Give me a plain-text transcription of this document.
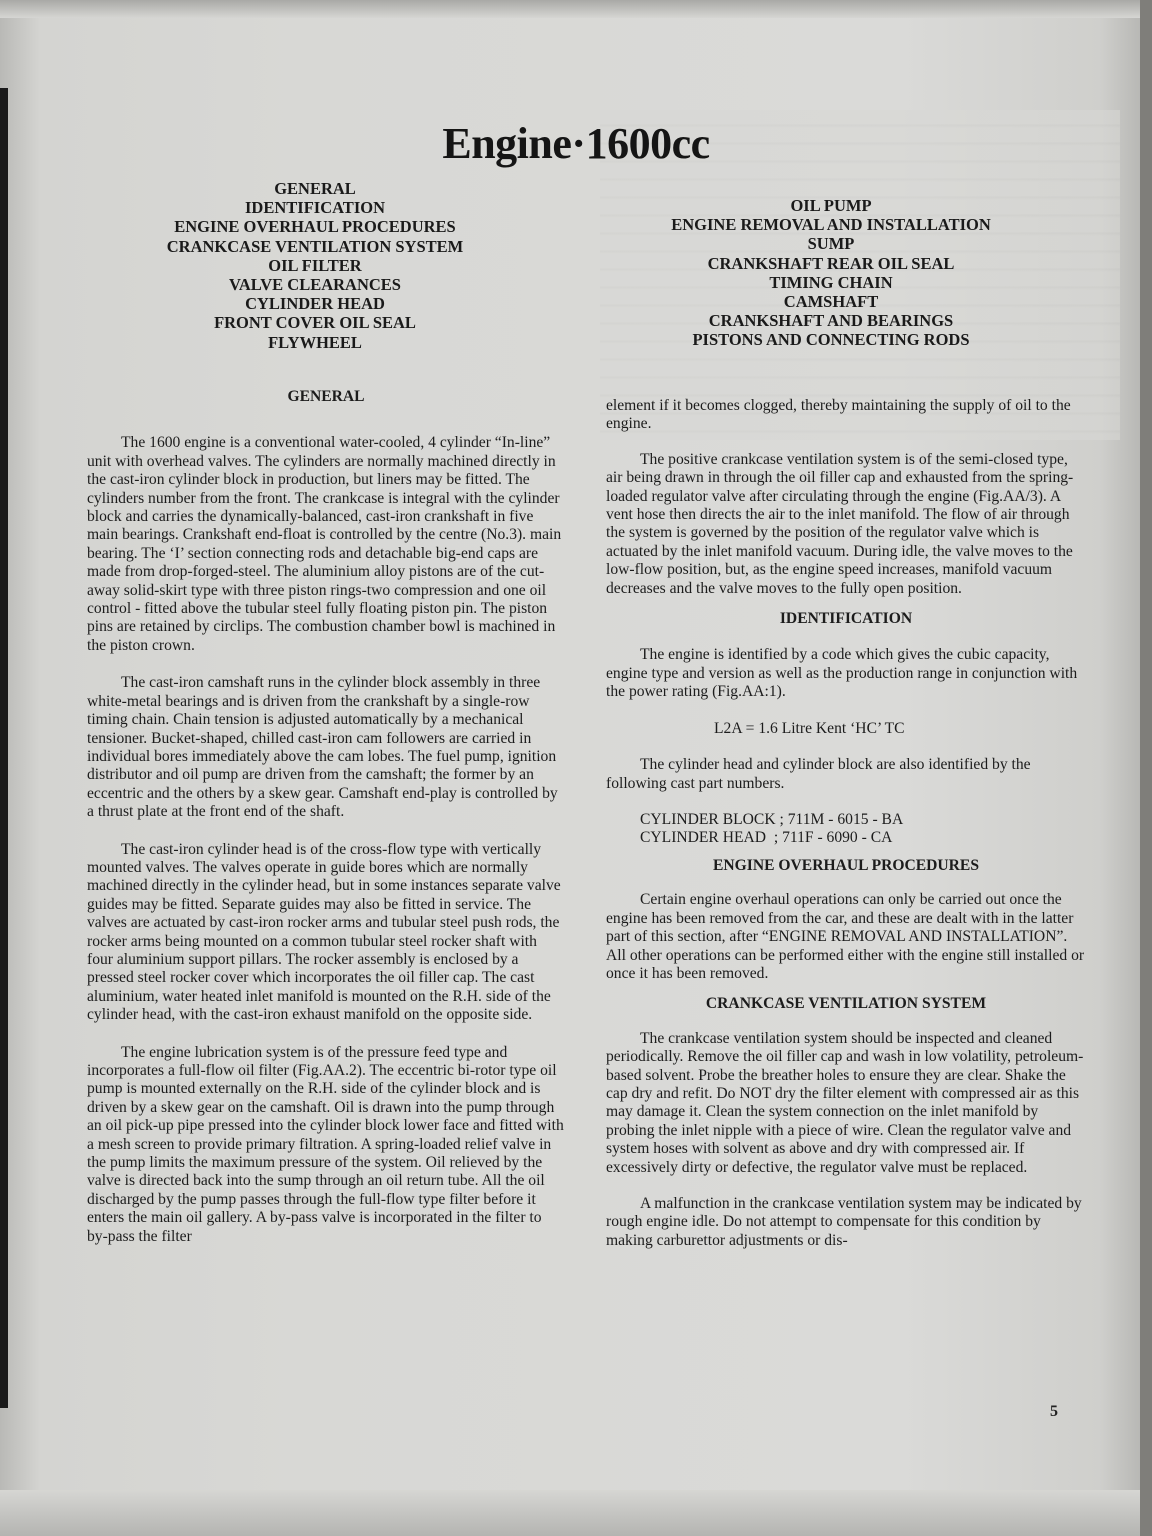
Engine·1600cc
GENERAL
IDENTIFICATION
ENGINE OVERHAUL PROCEDURES
CRANKCASE VENTILATION SYSTEM
OIL FILTER
VALVE CLEARANCES
CYLINDER HEAD
FRONT COVER OIL SEAL
FLYWHEEL
OIL PUMP
ENGINE REMOVAL AND INSTALLATION
SUMP
CRANKSHAFT REAR OIL SEAL
TIMING CHAIN
CAMSHAFT
CRANKSHAFT AND BEARINGS
PISTONS AND CONNECTING RODS
GENERAL

The 1600 engine is a conventional water-cooled, 4 cylinder “In-line” unit with overhead valves. The cylinders are normally machined directly in the cast-iron cylinder block in production, but liners may be fitted. The cylinders number from the front. The crankcase is integral with the cylinder block and carries the dynamically-balanced, cast-iron crankshaft in five main bearings. Crankshaft end-float is controlled by the centre (No.3). main bearing. The ‘I’ section connecting rods and detachable big-end caps are made from drop-forged-steel. The aluminium alloy pistons are of the cut-away solid-skirt type with three piston rings-two compression and one oil control - fitted above the tubular steel fully floating piston pin. The piston pins are retained by circlips. The combustion chamber bowl is machined in the piston crown.

The cast-iron camshaft runs in the cylinder block assembly in three white-metal bearings and is driven from the crankshaft by a single-row timing chain. Chain tension is adjusted automatically by a mechanical tensioner. Bucket-shaped, chilled cast-iron cam followers are carried in individual bores immediately above the cam lobes. The fuel pump, ignition distributor and oil pump are driven from the camshaft; the former by an eccentric and the others by a skew gear. Camshaft end-play is controlled by a thrust plate at the front end of the shaft.

The cast-iron cylinder head is of the cross-flow type with vertically mounted valves. The valves operate in guide bores which are normally machined directly in the cylinder head, but in some instances separate valve guides may be fitted. Separate guides may also be fitted in service. The valves are actuated by cast-iron rocker arms and tubular steel push rods, the rocker arms being mounted on a common tubular steel rocker shaft with four aluminium support pillars. The rocker assembly is enclosed by a pressed steel rocker cover which incorporates the oil filler cap. The cast aluminium, water heated inlet manifold is mounted on the R.H. side of the cylinder head, with the cast-iron exhaust manifold on the opposite side.

The engine lubrication system is of the pressure feed type and incorporates a full-flow oil filter (Fig.AA.2). The eccentric bi-rotor type oil pump is mounted externally on the R.H. side of the cylinder block and is driven by a skew gear on the camshaft. Oil is drawn into the pump through an oil pick-up pipe pressed into the cylinder block lower face and fitted with a mesh screen to provide primary filtration. A spring-loaded relief valve in the pump limits the maximum pressure of the system. Oil relieved by the valve is directed back into the sump through an oil return tube. All the oil discharged by the pump passes through the full-flow type filter before it enters the main oil gallery. A by-pass valve is incorporated in the filter to by-pass the filter

element if it becomes clogged, thereby maintaining the supply of oil to the engine.

The positive crankcase ventilation system is of the semi-closed type, air being drawn in through the oil filler cap and exhausted from the spring-loaded regulator valve after circulating through the engine (Fig.AA/3). A vent hose then directs the air to the inlet manifold. The flow of air through the system is governed by the position of the regulator valve which is actuated by the inlet manifold vacuum. During idle, the valve moves to the low-flow position, but, as the engine speed increases, manifold vacuum decreases and the valve moves to the fully open position.

IDENTIFICATION

The engine is identified by a code which gives the cubic capacity, engine type and version as well as the production range in conjunction with the power rating (Fig.AA:1).

L2A = 1.6 Litre Kent ‘HC’ TC

The cylinder head and cylinder block are also identified by the following cast part numbers.

CYLINDER BLOCK ; 711M - 6015 - BA

CYLINDER HEAD  ; 711F - 6090 - CA

ENGINE OVERHAUL PROCEDURES

Certain engine overhaul operations can only be carried out once the engine has been removed from the car, and these are dealt with in the latter part of this section, after “ENGINE REMOVAL AND INSTALLATION”. All other operations can be performed either with the engine still installed or once it has been removed.

CRANKCASE VENTILATION SYSTEM

The crankcase ventilation system should be inspected and cleaned periodically. Remove the oil filler cap and wash in low volatility, petroleum-based solvent. Probe the breather holes to ensure they are clear. Shake the cap dry and refit. Do NOT dry the filter element with compressed air as this may damage it. Clean the system connection on the inlet manifold by probing the inlet nipple with a piece of wire. Clean the regulator valve and system hoses with solvent as above and dry with compressed air. If excessively dirty or defective, the regulator valve must be replaced.

A malfunction in the crankcase ventilation system may be indicated by rough engine idle. Do not attempt to compensate for this condition by making carburettor adjustments or dis-

5
